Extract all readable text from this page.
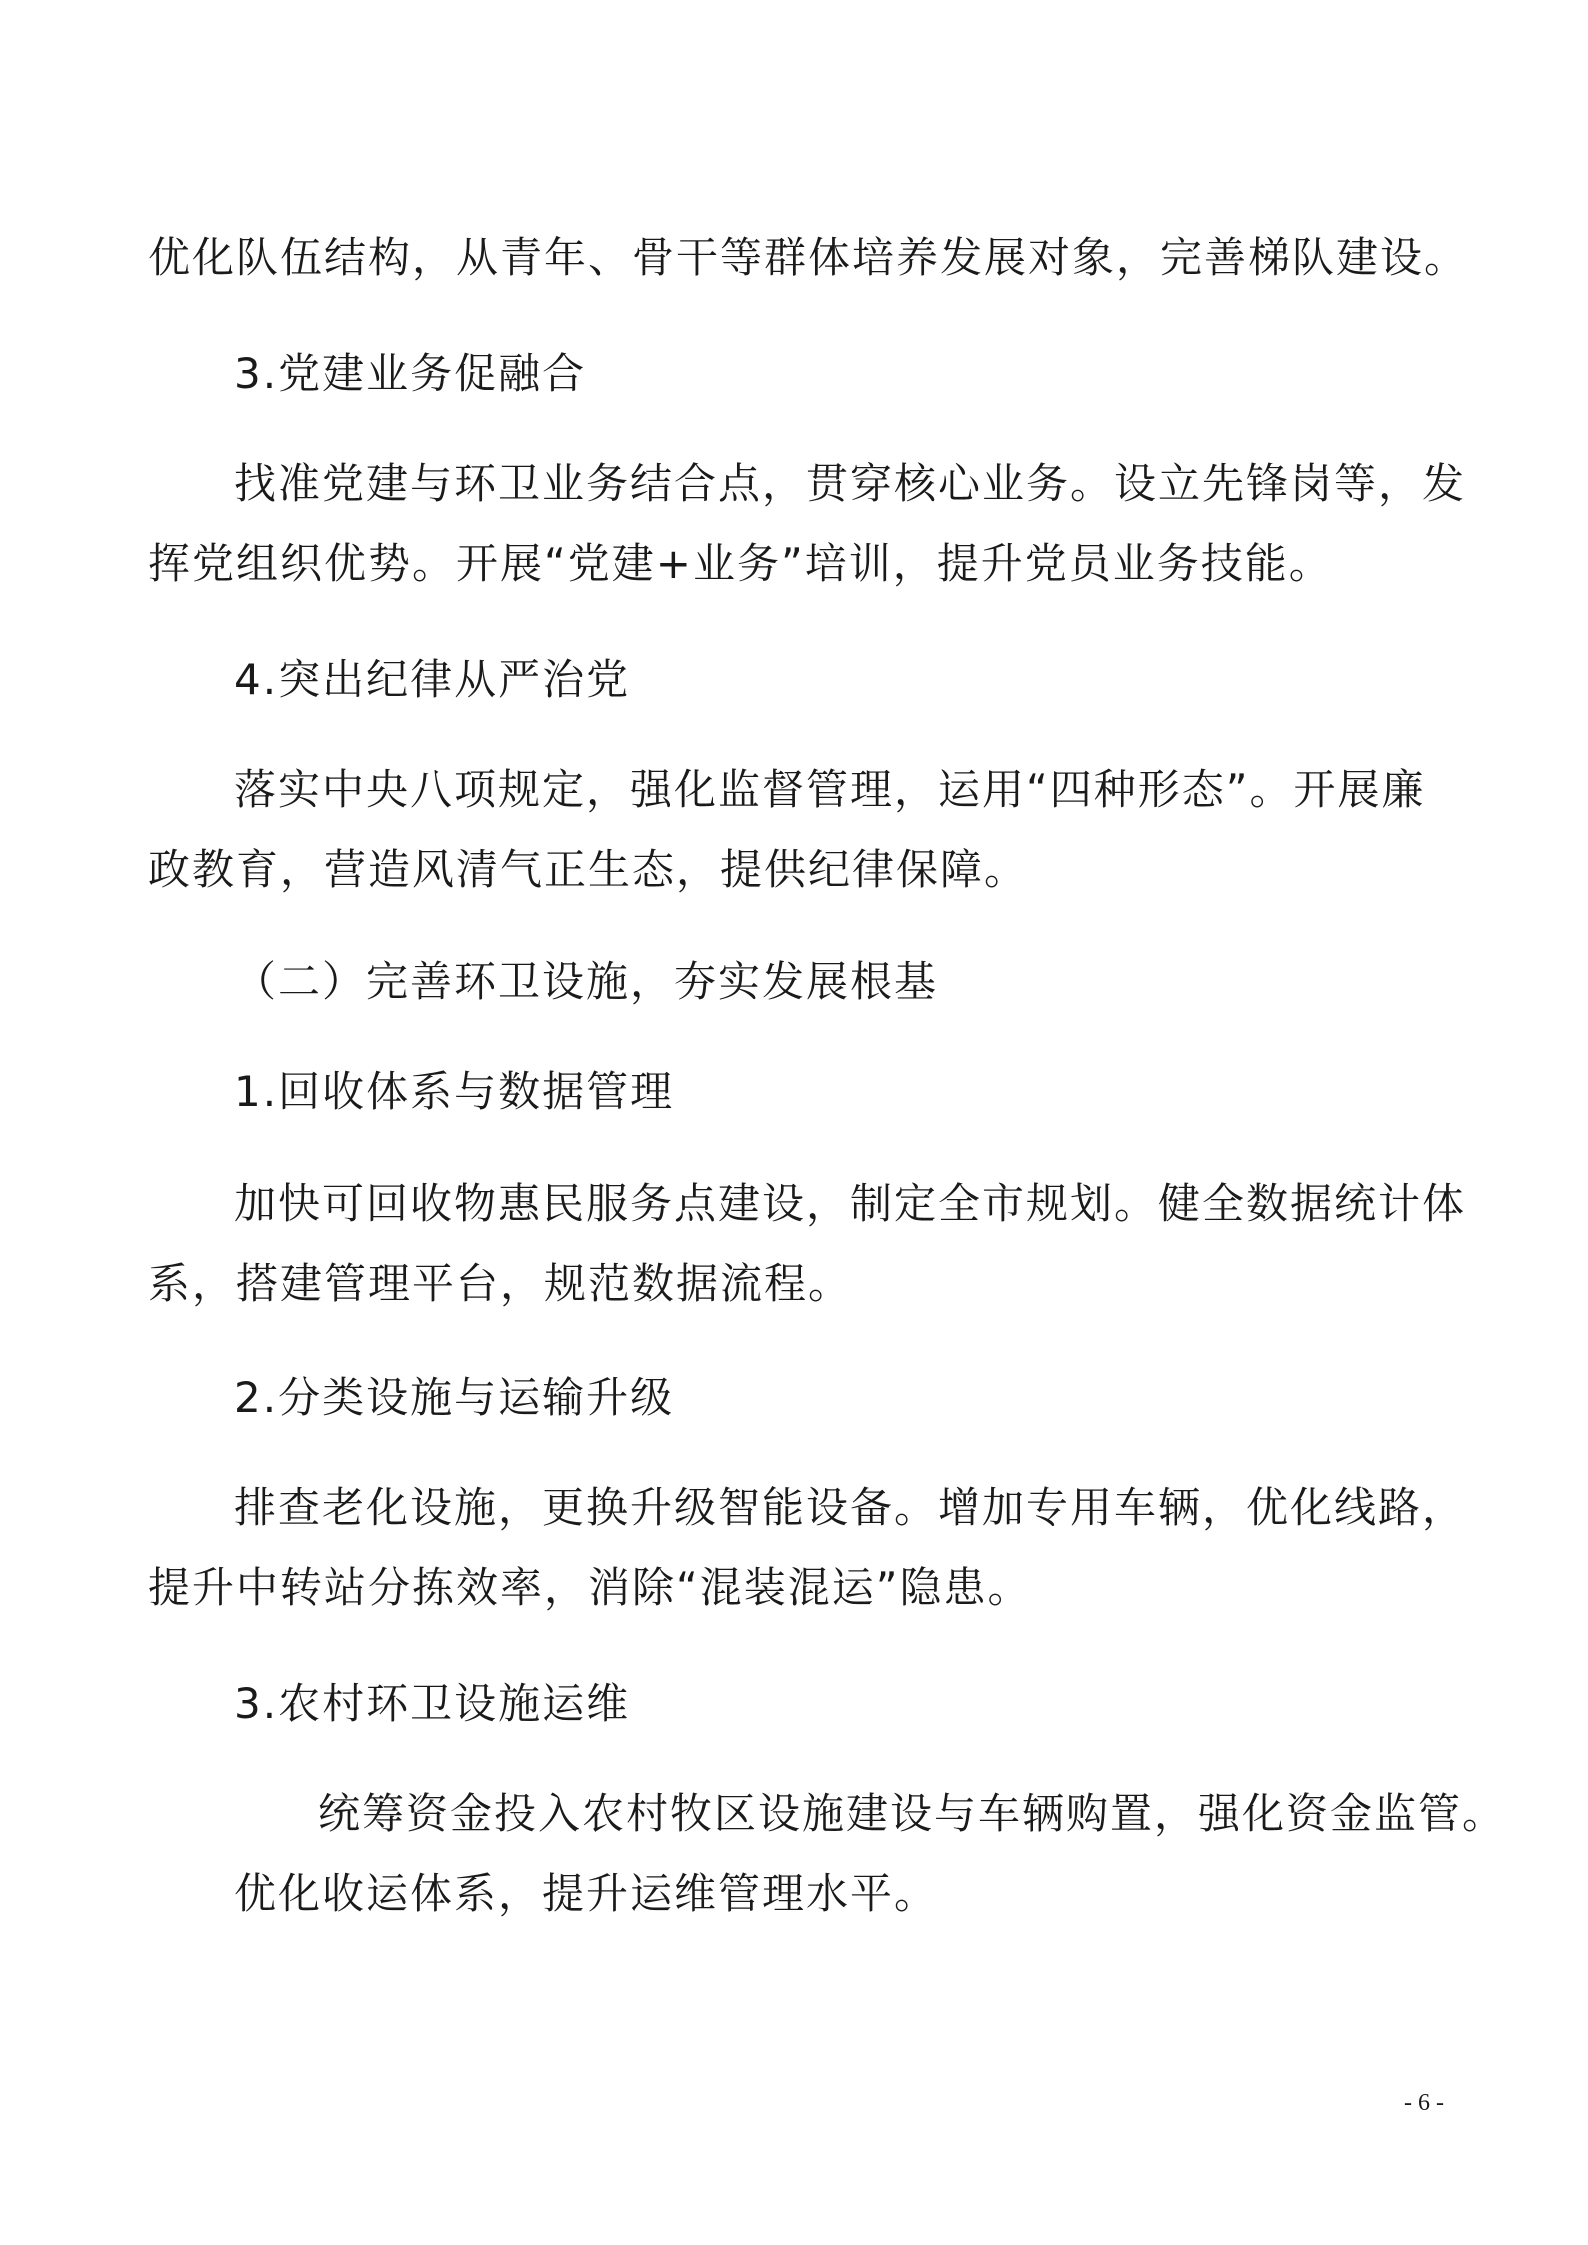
优化队伍结构，从青年、骨干等群体培养发展对象，完善梯队建设。
3.党建业务促融合
找准党建与环卫业务结合点，贯穿核心业务。设立先锋岗等，发
挥党组织优势。开展“党建+业务”培训，提升党员业务技能。
4.突出纪律从严治党
落实中央八项规定，强化监督管理，运用“四种形态”。开展廉
政教育，营造风清气正生态，提供纪律保障。
（二）完善环卫设施，夯实发展根基
1.回收体系与数据管理
加快可回收物惠民服务点建设，制定全市规划。健全数据统计体
系，搭建管理平台，规范数据流程。
2.分类设施与运输升级
排查老化设施，更换升级智能设备。增加专用车辆，优化线路，
提升中转站分拣效率，消除“混装混运”隐患。
3.农村环卫设施运维
统筹资金投入农村牧区设施建设与车辆购置，强化资金监管。
优化收运体系，提升运维管理水平。
- 6 -
